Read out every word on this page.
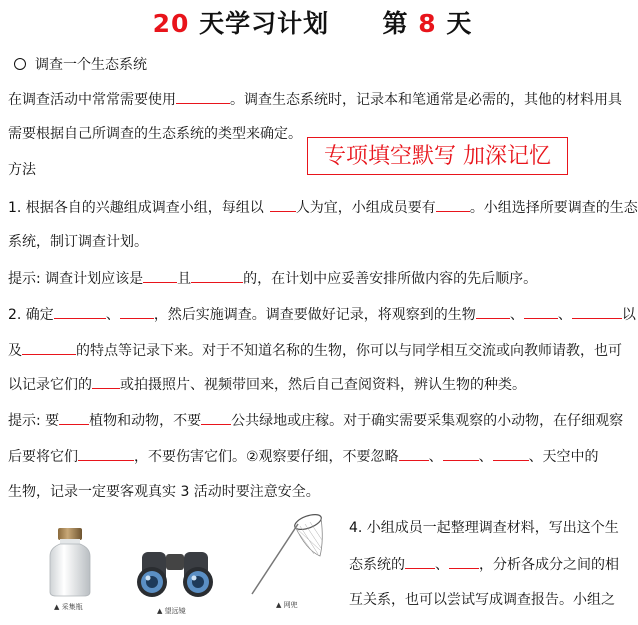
20 天学习计划 第 8 天
调查一个生态系统
在调查活动中常常需要使用	。调查生态系统时，记录本和笔通常是必需的，其他的材料用具
需要根据自己所调查的生态系统的类型来确定。
专项填空默写 加深记忆
方法
1. 根据各自的兴趣组成调查小组，每组以 人为宜，小组成员要有 。小组选择所要调查的生态
系统，制订调查计划。
提示: 调查计划应该是 且	的，在计划中应妥善安排所做内容的先后顺序。
2. 确定	、 ，然后实施调查。调查要做好记录，将观察到的生物 、 、	以
及	的特点等记录下来。对于不知道名称的生物，你可以与同学相互交流或向教师请教，也可
以记录它们的 或拍摄照片、视频带回来，然后自己查阅资料，辨认生物的种类。
提示: 要 植物和动物，不要 公共绿地或庄稼。对于确实需要采集观察的小动物，在仔细观察
后要将它们	，不要伤害它们。②观察要仔细，不要忽略 、	、	、天空中的
生物，记录一定要客观真实 3 活动时要注意安全。
▲ 采集瓶	▲ 望远镜
▲ 网兜
4. 小组成员一起整理调查材料，写出这个生
态系统的 、 ，分析各成分之间的相
互关系，也可以尝试写成调查报告。小组之
